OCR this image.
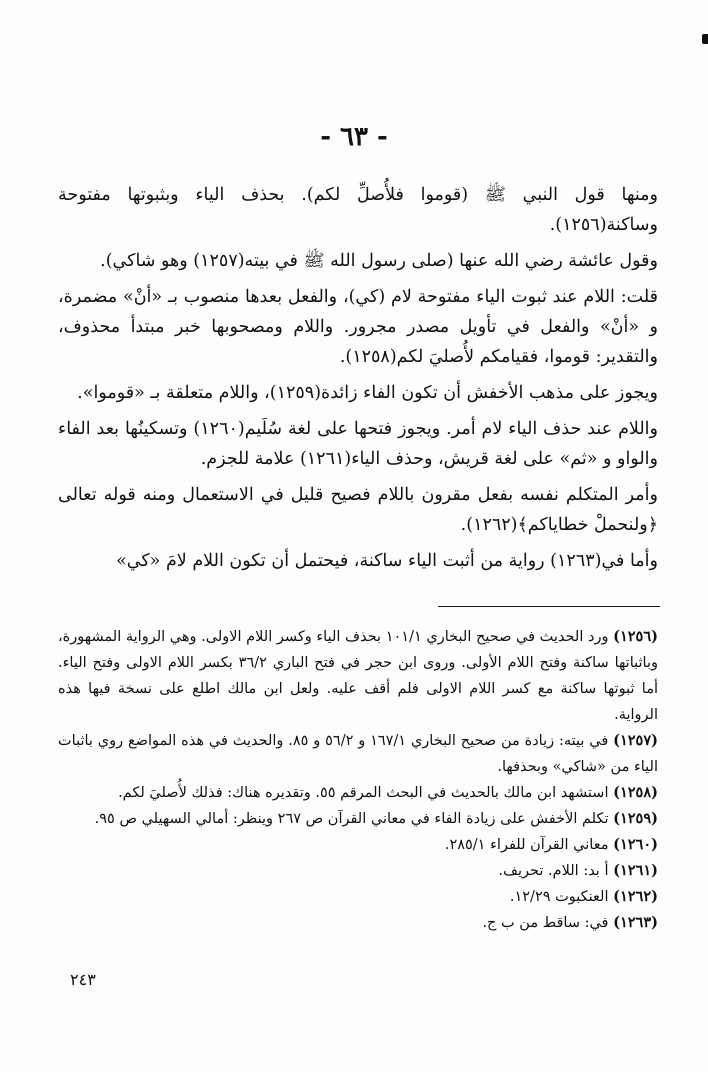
- ٦٣ -

ومنها قول النبي ﷺ (قوموا فلأُصلِّ لكم). بحذف الياء وبثبوتها مفتوحة وساكنة(١٢٥٦).

وقول عائشة رضي الله عنها (صلى رسول الله ﷺ في بيته(١٢٥٧) وهو شاكي).

قلت: اللام عند ثبوت الياء مفتوحة لام (كي)، والفعل بعدها منصوب بـ «أنْ» مضمرة، و «أنْ» والفعل في تأويل مصدر مجرور. واللام ومصحوبها خبر مبتدأ محذوف، والتقدير: قوموا، فقيامكم لأُصليَ لكم(١٢٥٨).

ويجوز على مذهب الأخفش أن تكون الفاء زائدة(١٢٥٩)، واللام متعلقة بـ «قوموا».

واللام عند حذف الياء لام أمر. ويجوز فتحها على لغة سُلَيم(١٢٦٠) وتسكينُها بعد الفاء والواو و «ثم» على لغة قريش، وحذف الياء(١٢٦١) علامة للجزم.

وأمر المتكلم نفسه بفعل مقرون باللام فصيح قليل في الاستعمال ومنه قوله تعالى ﴿ولنحملْ خطاياكم﴾(١٢٦٢).

وأما في(١٢٦٣) رواية من أثبت الياء ساكنة، فيحتمل أن تكون اللام لامَ «كي»

(١٢٥٦) ورد الحديث في صحيح البخاري ١٠١/١ بحذف الياء وكسر اللام الاولى. وهي الرواية المشهورة، وباثباتها ساكنة وفتح اللام الأولى. وروى ابن حجر في فتح الباري ٣٦/٢ بكسر اللام الاولى وفتح الياء. أما ثبوتها ساكنة مع كسر اللام الاولى فلم أقف عليه. ولعل ابن مالك اطلع على نسخة فيها هذه الرواية.

(١٢٥٧) في بيته: زيادة من صحيح البخاري ١٦٧/١ و ٥٦/٢ و ٨٥. والحديث في هذه المواضع روي باثبات الياء من «شاكي» وبحذفها.

(١٢٥٨) استشهد ابن مالك بالحديث في البحث المرقم ٥٥. وتقديره هناك: فذلك لأُصليَ لكم.

(١٢٥٩) تكلم الأخفش على زيادة الفاء في معاني القرآن ص ٢٦٧ وينظر: أمالي السهيلي ص ٩٥.

(١٢٦٠) معاني القرآن للفراء ٢٨٥/١.

(١٢٦١) أ بد: اللام. تحريف.

(١٢٦٢) العنكبوت ١٢/٢٩.

(١٢٦٣) في: ساقط من ب ج.

٢٤٣
